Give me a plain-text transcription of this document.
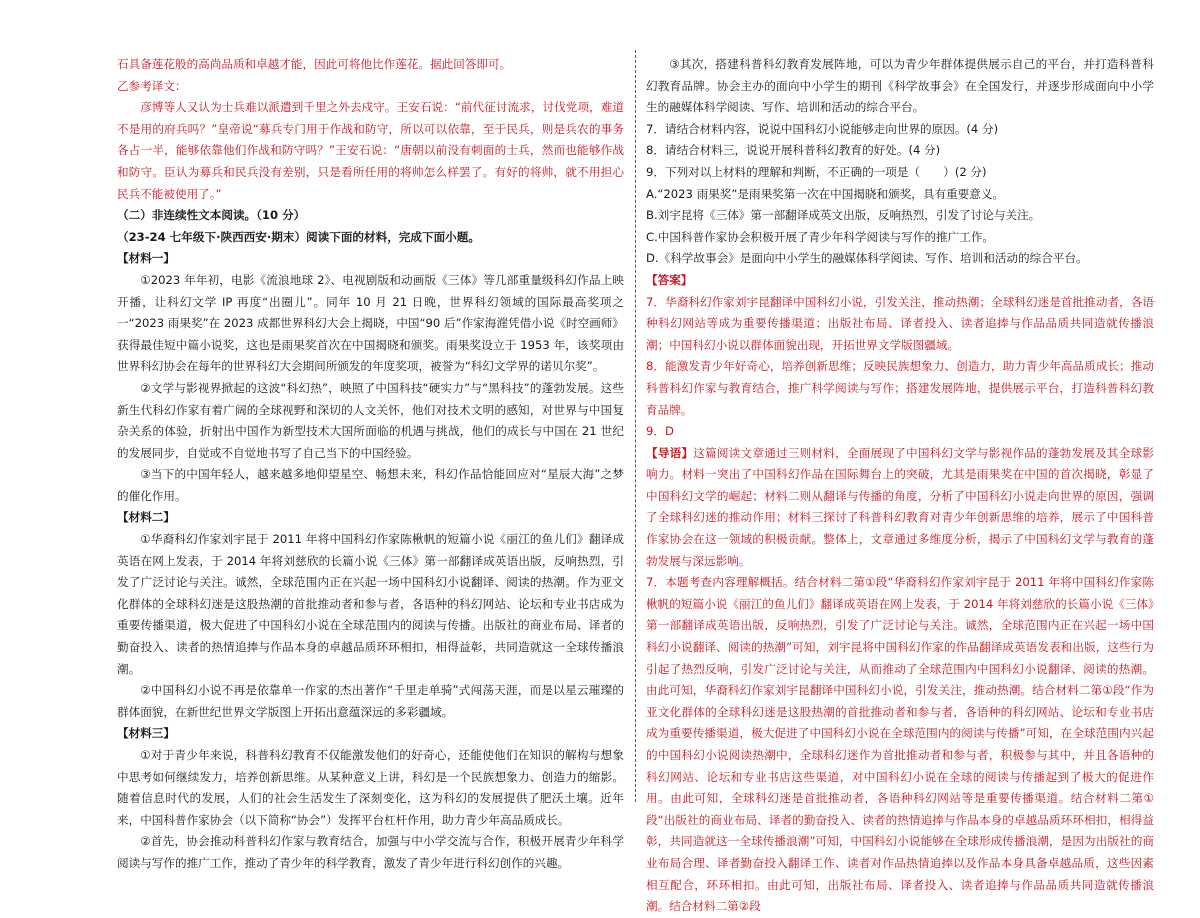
石具备莲花般的高尚品质和卓越才能，因此可将他比作莲花。据此回答即可。

乙参考译文：

彦博等人又认为士兵难以派遣到千里之外去戍守。王安石说：“前代征讨流求，讨伐党项，难道不是用的府兵吗？”皇帝说“募兵专门用于作战和防守，所以可以依靠，至于民兵，则是兵农的事务各占一半，能够依靠他们作战和防守吗？”王安石说：“唐朝以前没有刺面的士兵，然而也能够作战和防守。臣认为募兵和民兵没有差别，只是看所任用的将帅怎么样罢了。有好的将帅，就不用担心民兵不能被使用了。”

（二）非连续性文本阅读。（10 分）

（23-24 七年级下·陕西西安·期末）阅读下面的材料，完成下面小题。

【材料一】

①2023 年年初，电影《流浪地球 2》、电视剧版和动画版《三体》等几部重量级科幻作品上映开播，让科幻文学 IP 再度“出圈儿”。同年 10 月 21 日晚，世界科幻领域的国际最高奖项之一“2023 雨果奖”在 2023 成都世界科幻大会上揭晓，中国“90 后”作家海漄凭借小说《时空画师》获得最佳短中篇小说奖，这也是雨果奖首次在中国揭晓和颁奖。雨果奖设立于 1953 年，该奖项由世界科幻协会在每年的世界科幻大会期间所颁发的年度奖项，被誉为“科幻文学界的诺贝尔奖”。

②文学与影视界掀起的这波“科幻热”，映照了中国科技“硬实力”与“黑科技”的蓬勃发展。这些新生代科幻作家有着广阔的全球视野和深切的人文关怀，他们对技术文明的感知，对世界与中国复杂关系的体验，折射出中国作为新型技术大国所面临的机遇与挑战，他们的成长与中国在 21 世纪的发展同步，自觉或不自觉地书写了自己当下的中国经验。

③当下的中国年轻人，越来越多地仰望星空、畅想未来，科幻作品恰能回应对“星辰大海”之梦的催化作用。

【材料二】

①华裔科幻作家刘宇昆于 2011 年将中国科幻作家陈楸帆的短篇小说《丽江的鱼儿们》翻译成英语在网上发表，于 2014 年将刘慈欣的长篇小说《三体》第一部翻译成英语出版，反响热烈，引发了广泛讨论与关注。诚然，全球范围内正在兴起一场中国科幻小说翻译、阅读的热潮。作为亚文化群体的全球科幻迷是这股热潮的首批推动者和参与者，各语种的科幻网站、论坛和专业书店成为重要传播渠道，极大促进了中国科幻小说在全球范围内的阅读与传播。出版社的商业布局、译者的勤奋投入、读者的热情追捧与作品本身的卓越品质环环相扣，相得益彰，共同造就这一全球传播浪潮。

②中国科幻小说不再是依靠单一作家的杰出著作“千里走单骑”式闯荡天涯，而是以星云璀璨的群体面貌，在新世纪世界文学版图上开拓出意蕴深远的多彩疆域。

【材料三】

①对于青少年来说，科普科幻教育不仅能激发他们的好奇心，还能使他们在知识的解构与想象中思考如何继续发力，培养创新思维。从某种意义上讲，科幻是一个民族想象力、创造力的缩影。随着信息时代的发展，人们的社会生活发生了深刻变化，这为科幻的发展提供了肥沃土壤。近年来，中国科普作家协会（以下简称“协会”）发挥平台杠杆作用，助力青少年高品质成长。

②首先，协会推动科普科幻作家与教育结合，加强与中小学交流与合作，积极开展青少年科学阅读与写作的推广工作，推动了青少年的科学教育，激发了青少年进行科幻创作的兴趣。

③其次，搭建科普科幻教育发展阵地，可以为青少年群体提供展示自己的平台，并打造科普科幻教育品牌。协会主办的面向中小学生的期刊《科学故事会》在全国发行，并逐步形成面向中小学生的融媒体科学阅读、写作、培训和活动的综合平台。

7．请结合材料内容，说说中国科幻小说能够走向世界的原因。(4 分)

8．请结合材料三，说说开展科普科幻教育的好处。(4 分)

9．下列对以上材料的理解和判断，不正确的一项是（　　）(2 分)

A.“2023 雨果奖”是雨果奖第一次在中国揭晓和颁奖，具有重要意义。

B.刘宇昆将《三体》第一部翻译成英文出版，反响热烈，引发了讨论与关注。

C.中国科普作家协会积极开展了青少年科学阅读与写作的推广工作。

D.《科学故事会》是面向中小学生的融媒体科学阅读、写作、培训和活动的综合平台。

【答案】

7．华裔科幻作家刘宇昆翻译中国科幻小说，引发关注，推动热潮；全球科幻迷是首批推动者，各语种科幻网站等成为重要传播渠道；出版社布局、译者投入、读者追捧与作品品质共同造就传播浪潮；中国科幻小说以群体面貌出现，开拓世界文学版图疆域。

8．能激发青少年好奇心，培养创新思维；反映民族想象力、创造力，助力青少年高品质成长；推动科普科幻作家与教育结合，推广科学阅读与写作；搭建发展阵地，提供展示平台，打造科普科幻教育品牌。

9．D

【导语】这篇阅读文章通过三则材料，全面展现了中国科幻文学与影视作品的蓬勃发展及其全球影响力。材料一突出了中国科幻作品在国际舞台上的突破，尤其是雨果奖在中国的首次揭晓，彰显了中国科幻文学的崛起；材料二则从翻译与传播的角度，分析了中国科幻小说走向世界的原因，强调了全球科幻迷的推动作用；材料三探讨了科普科幻教育对青少年创新思维的培养，展示了中国科普作家协会在这一领域的积极贡献。整体上，文章通过多维度分析，揭示了中国科幻文学与教育的蓬勃发展与深远影响。

7．本题考查内容理解概括。结合材料二第①段“华裔科幻作家刘宇昆于 2011 年将中国科幻作家陈楸帆的短篇小说《丽江的鱼儿们》翻译成英语在网上发表，于 2014 年将刘慈欣的长篇小说《三体》第一部翻译成英语出版，反响热烈，引发了广泛讨论与关注。诚然，全球范围内正在兴起一场中国科幻小说翻译、阅读的热潮”可知，刘宇昆将中国科幻作家的作品翻译成英语发表和出版，这些行为引起了热烈反响，引发广泛讨论与关注，从而推动了全球范围内中国科幻小说翻译、阅读的热潮。由此可知，华裔科幻作家刘宇昆翻译中国科幻小说，引发关注，推动热潮。结合材料二第①段“作为亚文化群体的全球科幻迷是这股热潮的首批推动者和参与者，各语种的科幻网站、论坛和专业书店成为重要传播渠道，极大促进了中国科幻小说在全球范围内的阅读与传播”可知，在全球范围内兴起的中国科幻小说阅读热潮中，全球科幻迷作为首批推动者和参与者，积极参与其中，并且各语种的科幻网站、论坛和专业书店这些渠道，对中国科幻小说在全球的阅读与传播起到了极大的促进作用。由此可知，全球科幻迷是首批推动者，各语种科幻网站等是重要传播渠道。结合材料二第①段“出版社的商业布局、译者的勤奋投入、读者的热情追捧与作品本身的卓越品质环环相扣，相得益彰，共同造就这一全球传播浪潮”可知，中国科幻小说能够在全球形成传播浪潮，是因为出版社的商业布局合理、译者勤奋投入翻译工作、读者对作品热情追捧以及作品本身具备卓越品质，这些因素相互配合，环环相扣。由此可知，出版社布局、译者投入、读者追捧与作品品质共同造就传播浪潮。结合材料二第②段
